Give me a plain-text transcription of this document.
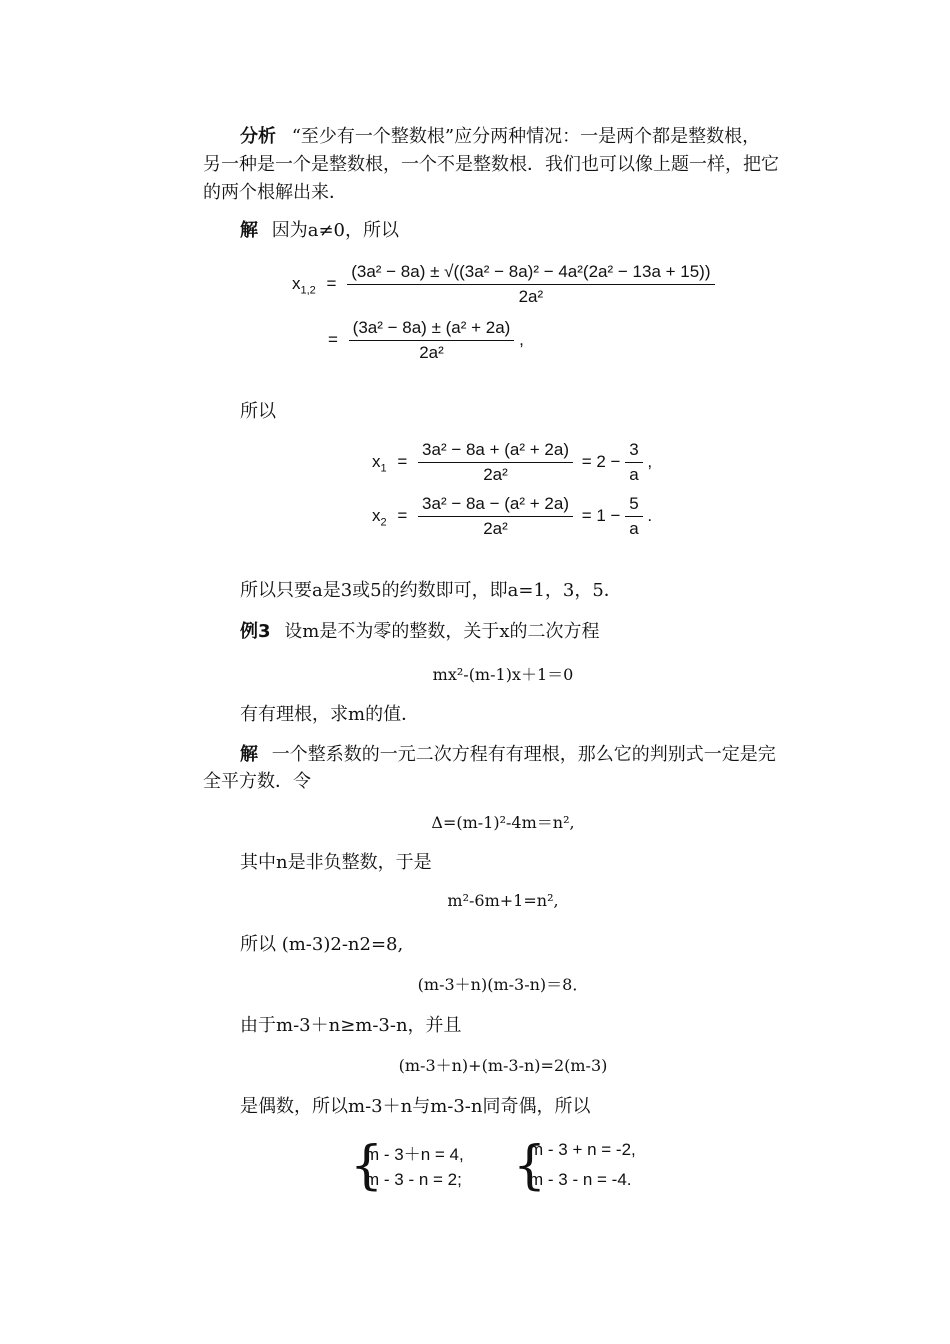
分析 “至少有一个整数根”应分两种情况：一是两个都是整数根，
另一种是一个是整数根，一个不是整数根．我们也可以像上题一样，把它
的两个根解出来．
解 因为a≠0，所以
$x_{1,2} = \frac{\text{(3a² − 8a) ± √((3a² − 8a)² − 4a²(2a² − 13a + 15))}}{\text{2a²}}$
= $\frac{\text{(3a² − 8a) ± (a² + 2a)}}{\text{2a²}}$ ,
所以
$x_1 = \frac{\text{3a² − 8a + (a² + 2a)}}{\text{2a²}} = 2 - \frac{3}{a}$ ,
$x_2 = \frac{\text{3a² − 8a − (a² + 2a)}}{\text{2a²}} = 1 - \frac{5}{a}$ .
所以只要a是3或5的约数即可，即a=1，3，5．
例3 设m是不为零的整数，关于x的二次方程
mx²-(m-1)x＋1＝0
有有理根，求m的值．
解 一个整系数的一元二次方程有有理根，那么它的判别式一定是完
全平方数．令
Δ=(m-1)²-4m＝n²,
其中n是非负整数，于是
m²-6m+1=n²,
所以 (m-3)2-n2=8,
(m-3＋n)(m-3-n)＝8．
由于m-3＋n≥m-3-n，并且
(m-3＋n)+(m-3-n)=2(m-3)
是偶数，所以m-3＋n与m-3-n同奇偶，所以
{
m - 3＋n = 4,
m - 3 - n = 2; {
m - 3 + n = -2,
m - 3 - n = -4.
